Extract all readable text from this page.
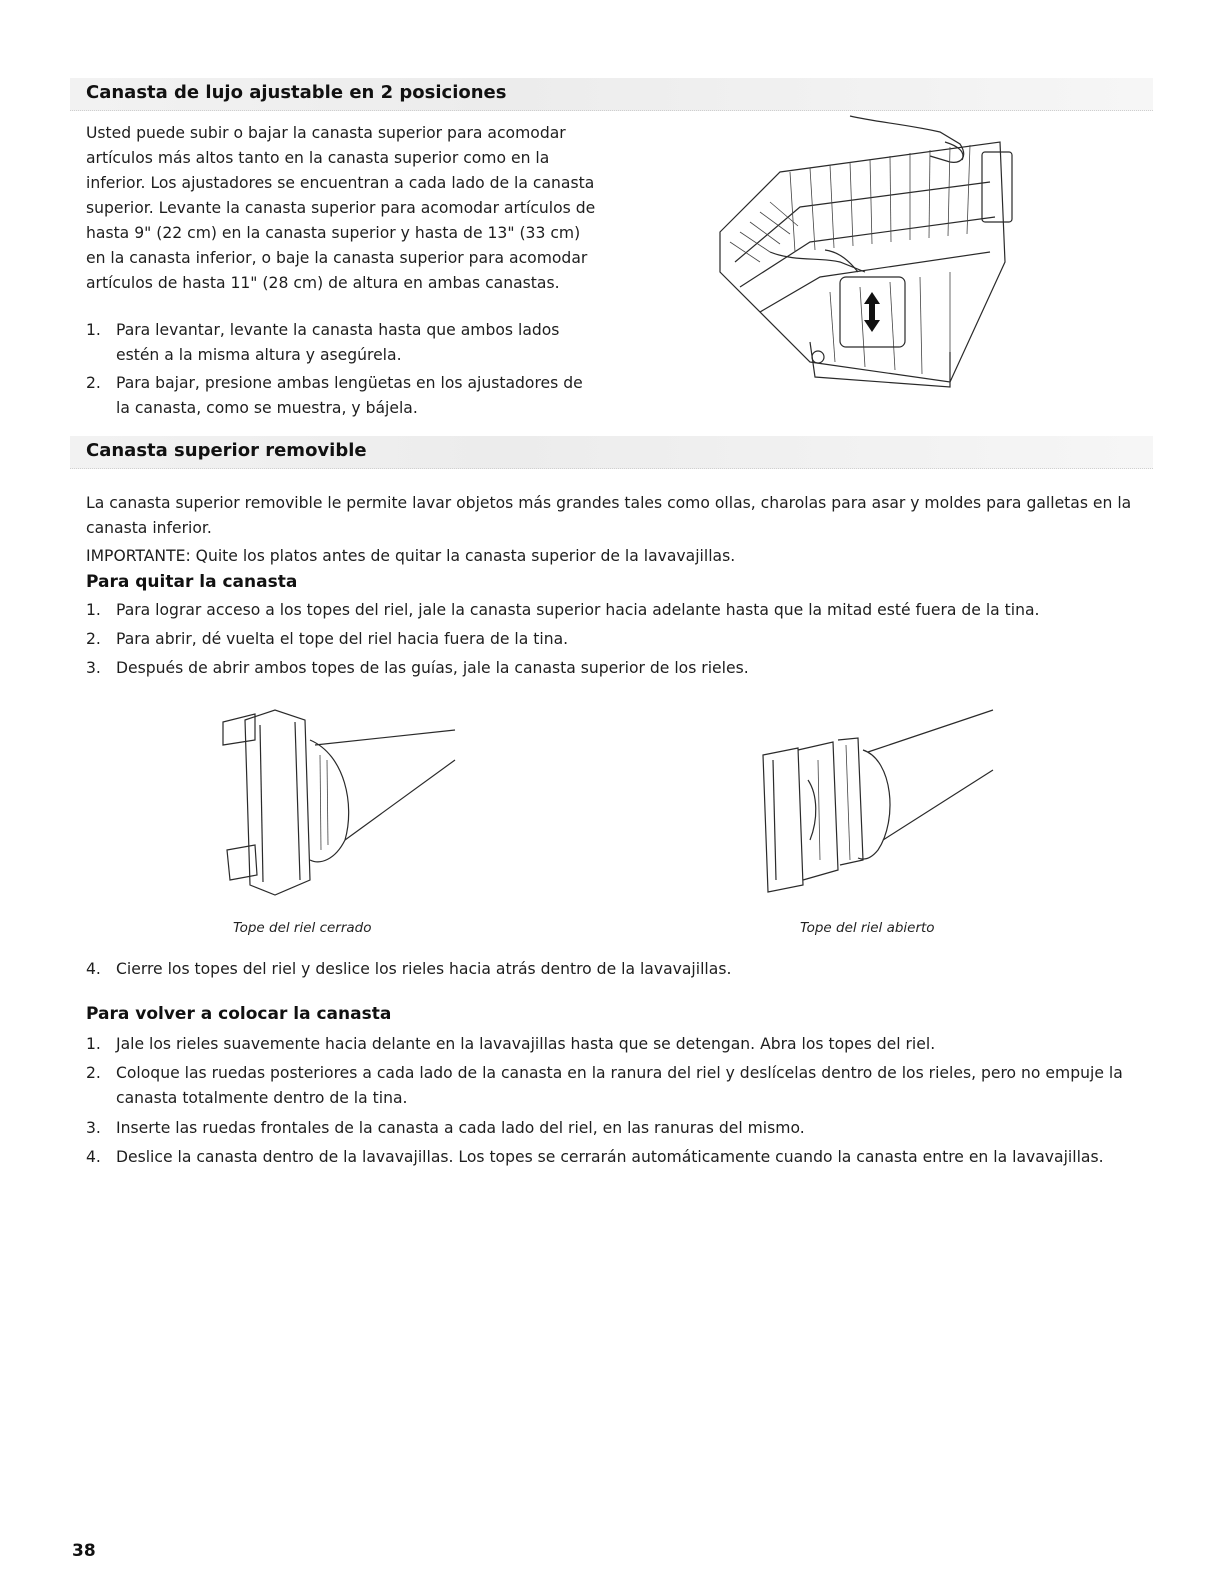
Canasta de lujo ajustable en 2 posiciones
Usted puede subir o bajar la canasta superior para acomodar artículos más altos tanto en la canasta superior como en la inferior. Los ajustadores se encuentran a cada lado de la canasta superior. Levante la canasta superior para acomodar artículos de hasta 9" (22 cm) en la canasta superior y hasta de 13" (33 cm) en la canasta inferior, o baje la canasta superior para acomodar artículos de hasta 11" (28 cm) de altura en ambas canastas.
1. Para levantar, levante la canasta hasta que ambos lados estén a la misma altura y asegúrela.
2. Para bajar, presione ambas lengüetas en los ajustadores de la canasta, como se muestra, y bájela.
Canasta superior removible
La canasta superior removible le permite lavar objetos más grandes tales como ollas, charolas para asar y moldes para galletas en la canasta inferior.
IMPORTANTE: Quite los platos antes de quitar la canasta superior de la lavavajillas.
Para quitar la canasta
1. Para lograr acceso a los topes del riel, jale la canasta superior hacia adelante hasta que la mitad esté fuera de la tina.
2. Para abrir, dé vuelta el tope del riel hacia fuera de la tina.
3. Después de abrir ambos topes de las guías, jale la canasta superior de los rieles.
Tope del riel cerrado	Tope del riel abierto
4. Cierre los topes del riel y deslice los rieles hacia atrás dentro de la lavavajillas.
Para volver a colocar la canasta
1. Jale los rieles suavemente hacia delante en la lavavajillas hasta que se detengan. Abra los topes del riel.
2. Coloque las ruedas posteriores a cada lado de la canasta en la ranura del riel y deslícelas dentro de los rieles, pero no empuje la canasta totalmente dentro de la tina.
3. Inserte las ruedas frontales de la canasta a cada lado del riel, en las ranuras del mismo.
4. Deslice la canasta dentro de la lavavajillas. Los topes se cerrarán automáticamente cuando la canasta entre en la lavavajillas.
38
